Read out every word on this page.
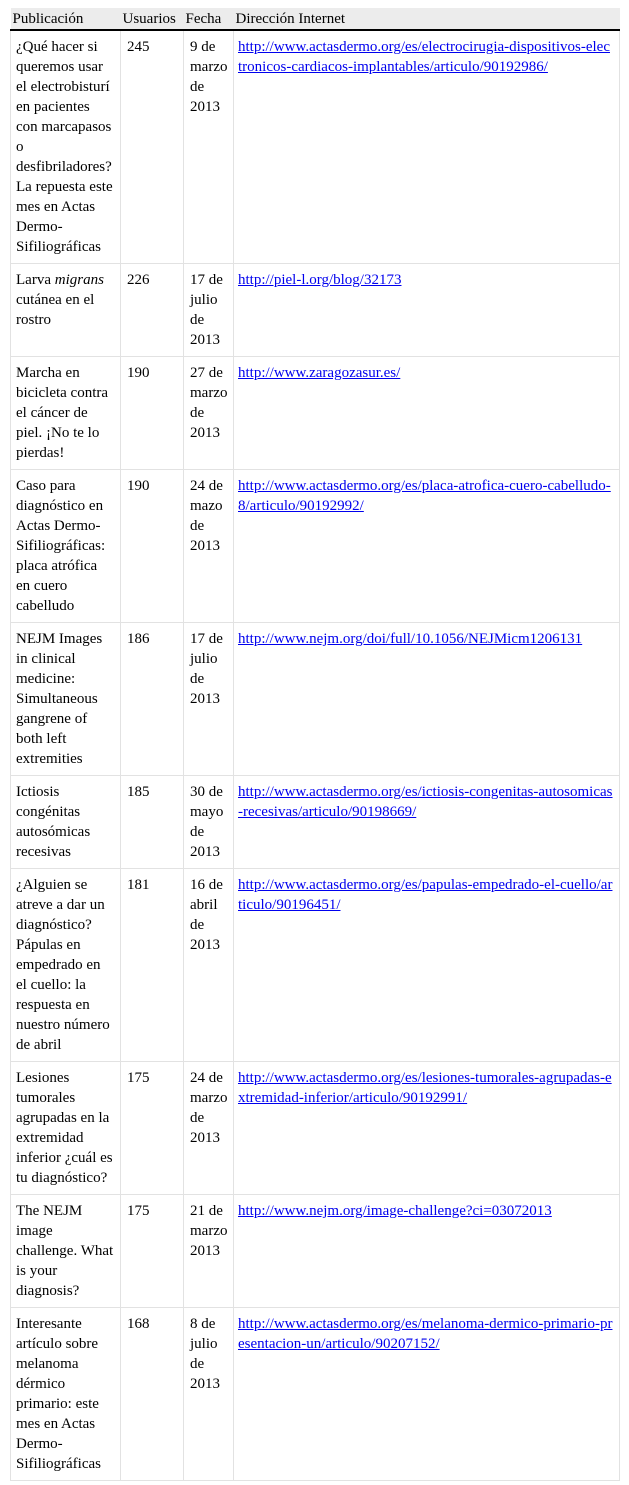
Publicación	Usuarios	Fecha	Dirección Internet
¿Qué hacer si queremos usar el electrobisturí en pacientes con marcapasos o desfibriladores? La repuesta este mes en Actas Dermo-Sifiliográficas	245	9 de marzo de 2013	http://www.actasdermo.org/es/electrocirugia-dispositivos-electronicos-cardiacos-implantables/articulo/90192986/
Larva migrans cutánea en el rostro	226	17 de julio de 2013	http://piel-l.org/blog/32173
Marcha en bicicleta contra el cáncer de piel. ¡No te lo pierdas!	190	27 de marzo de 2013	http://www.zaragozasur.es/
Caso para diagnóstico en Actas Dermo-Sifiliográficas: placa atrófica en cuero cabelludo	190	24 de mazo de 2013	http://www.actasdermo.org/es/placa-atrofica-cuero-cabelludo-8/articulo/90192992/
NEJM Images in clinical medicine: Simultaneous gangrene of both left extremities	186	17 de julio de 2013	http://www.nejm.org/doi/full/10.1056/NEJMicm1206131
Ictiosis congénitas autosómicas recesivas	185	30 de mayo de 2013	http://www.actasdermo.org/es/ictiosis-congenitas-autosomicas-recesivas/articulo/90198669/
¿Alguien se atreve a dar un diagnóstico? Pápulas en empedrado en el cuello: la respuesta en nuestro número de abril	181	16 de abril de 2013	http://www.actasdermo.org/es/papulas-empedrado-el-cuello/articulo/90196451/
Lesiones tumorales agrupadas en la extremidad inferior ¿cuál es tu diagnóstico?	175	24 de marzo de 2013	http://www.actasdermo.org/es/lesiones-tumorales-agrupadas-extremidad-inferior/articulo/90192991/
The NEJM image challenge. What is your diagnosis?	175	21 de marzo 2013	http://www.nejm.org/image-challenge?ci=03072013
Interesante artículo sobre melanoma dérmico primario: este mes en Actas Dermo-Sifiliográficas	168	8 de julio de 2013	http://www.actasdermo.org/es/melanoma-dermico-primario-presentacion-un/articulo/90207152/
